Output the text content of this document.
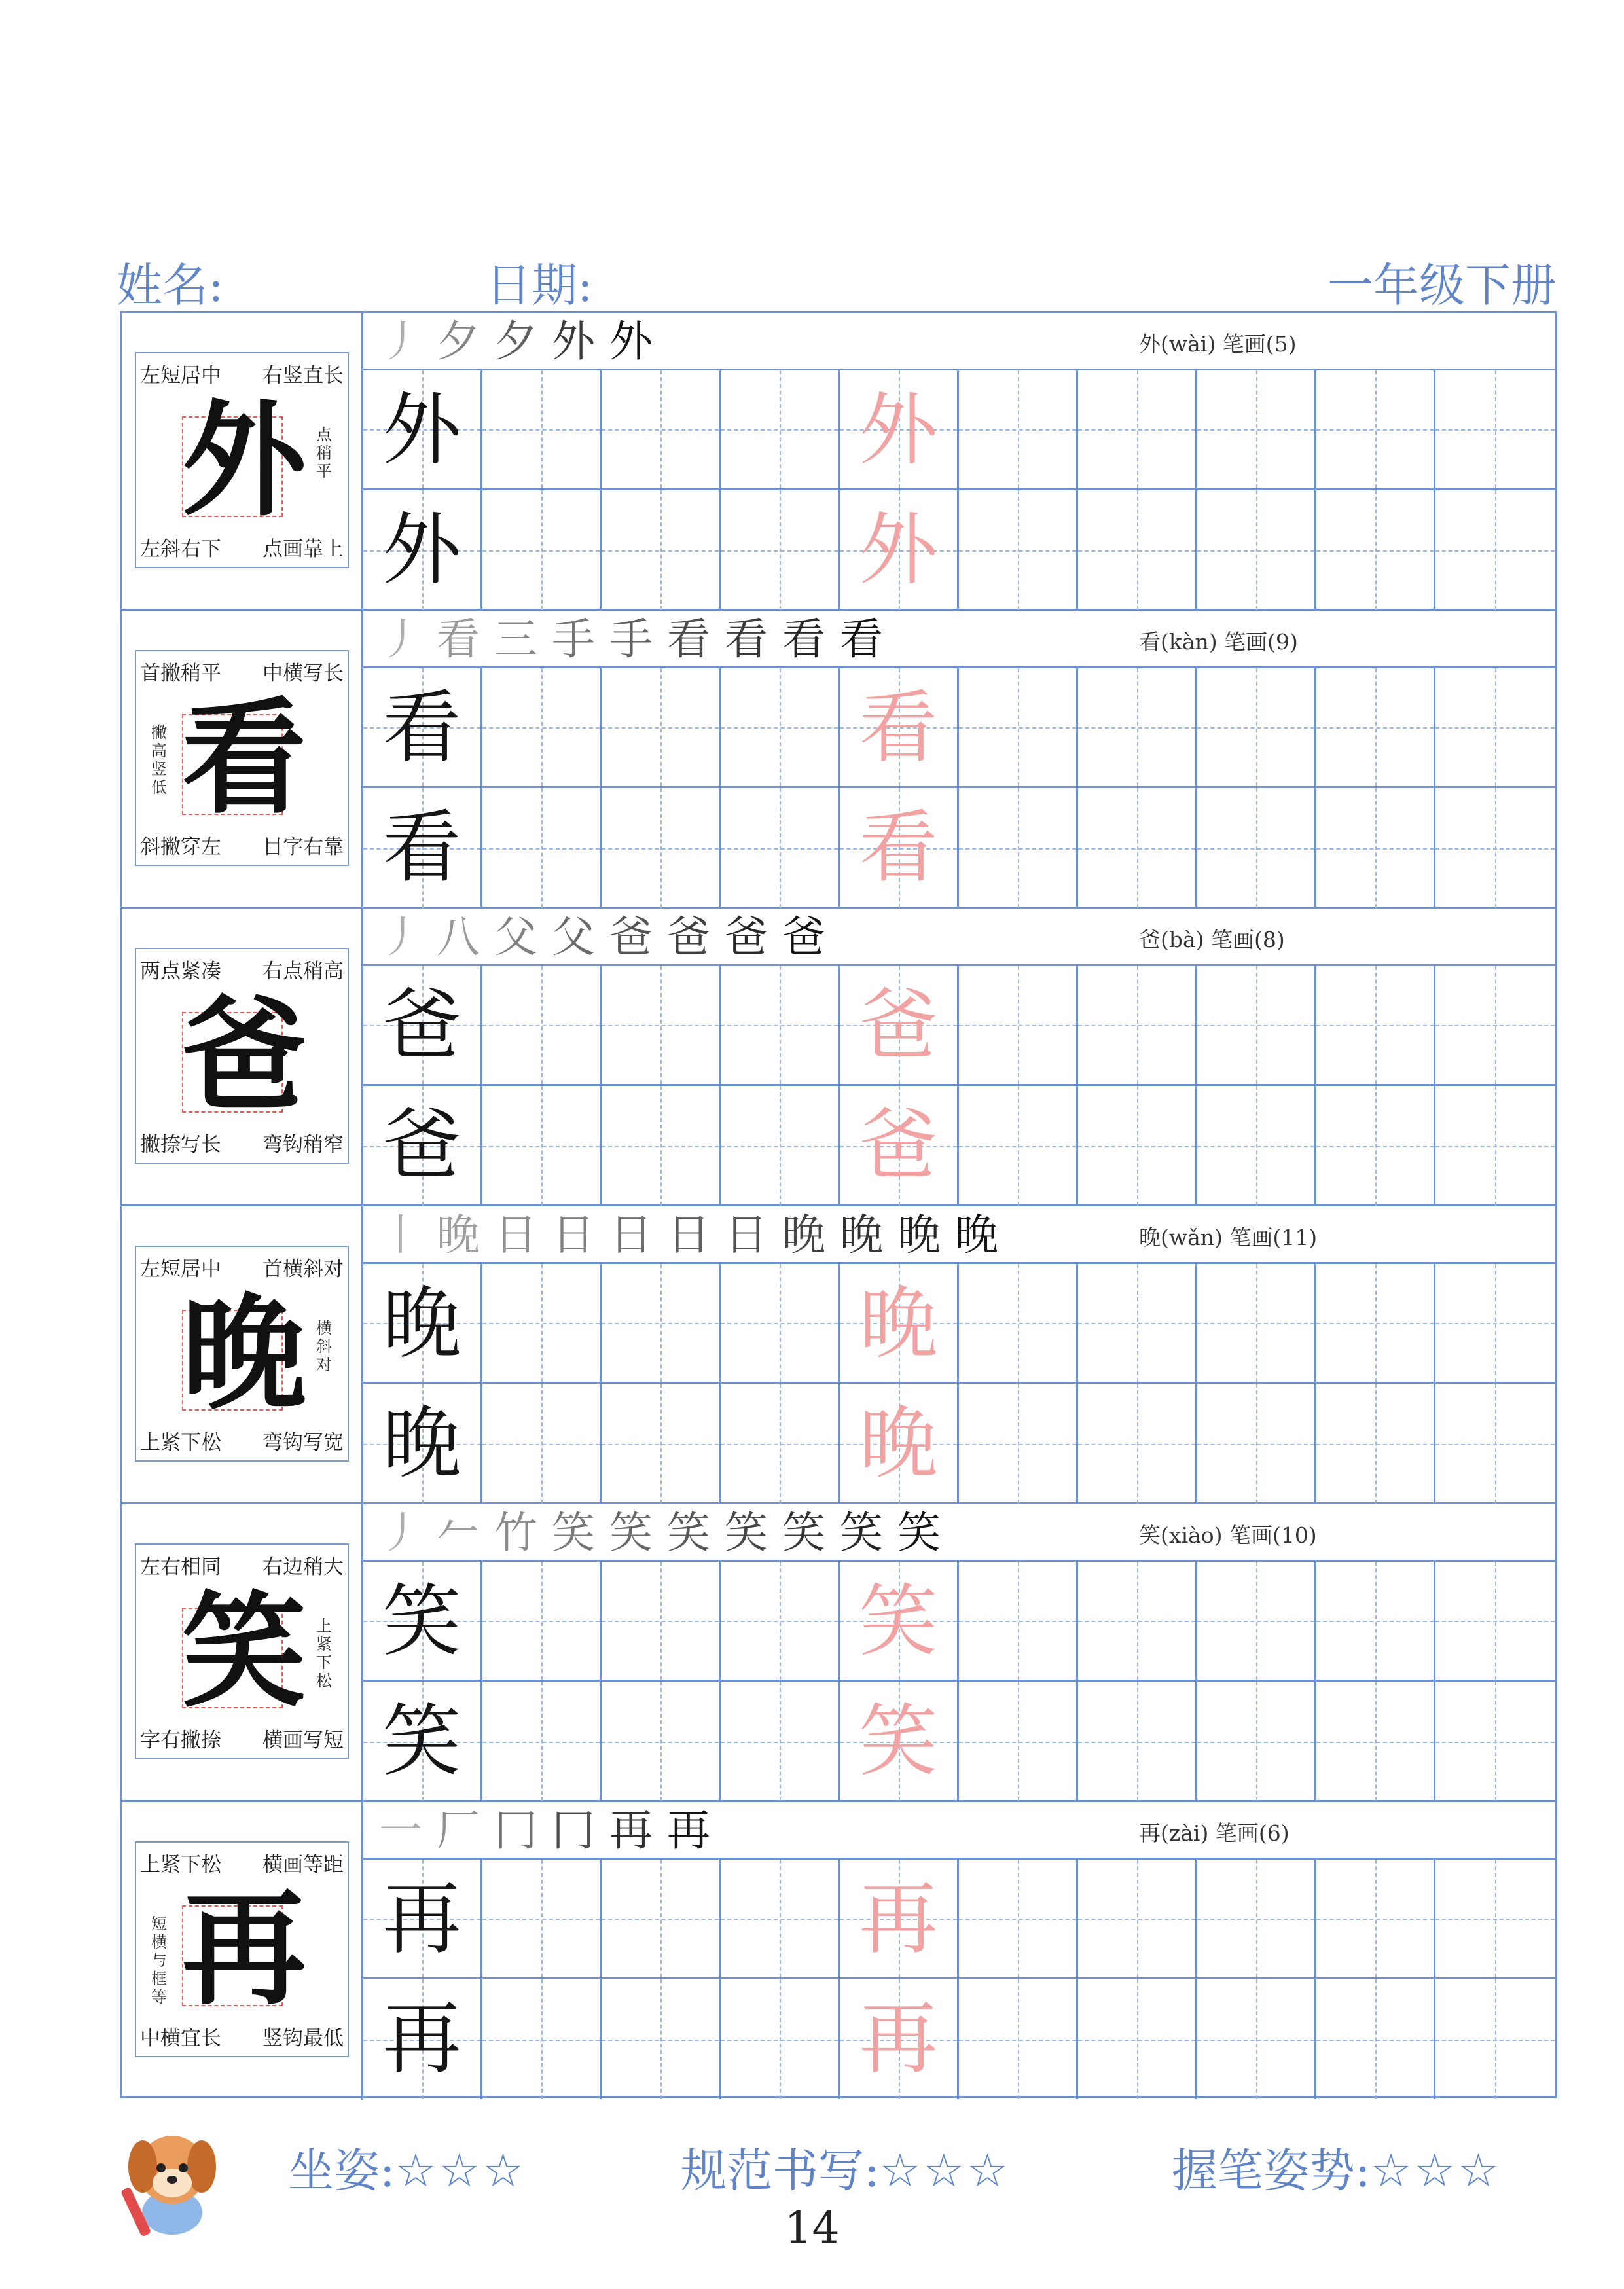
姓名:	日期:	一年级下册
左短居中 右竖直长
左斜右下 点画靠上
外 点稍平
丿 夕 夕 外 外	外(wài) 笔画(5)
外	外
外	外
首撇稍平 中横写长
斜撇穿左 目字右靠
看
撇高竖低
丿 看 三 手 手 看 看 看 看	看(kàn) 笔画(9)
看	看
看	看
两点紧凑 右点稍高
撇捺写长 弯钩稍窄
爸
丿 八 父 父 爸 爸 爸 爸	爸(bà) 笔画(8)
爸	爸
爸	爸
左短居中 首横斜对
上紧下松 弯钩写宽
晚 横斜对
丨 晚 日 日 日 日 日 晚 晚 晚 晚	晚(wǎn) 笔画(11)
晚	晚
晚	晚
左右相同 右边稍大
字有撇捺 横画写短
笑 上紧下松
丿 𠂉 竹 笑 笑 笑 笑 笑 笑 笑	笑(xiào) 笔画(10)
笑	笑
笑	笑
上紧下松 横画等距
中横宜长 竖钩最低
再
短横与框等
一 厂 冂 冂 再 再	再(zài) 笔画(6)
再	再
再	再
坐姿:☆☆☆	规范书写:☆☆☆	握笔姿势:☆☆☆
14
